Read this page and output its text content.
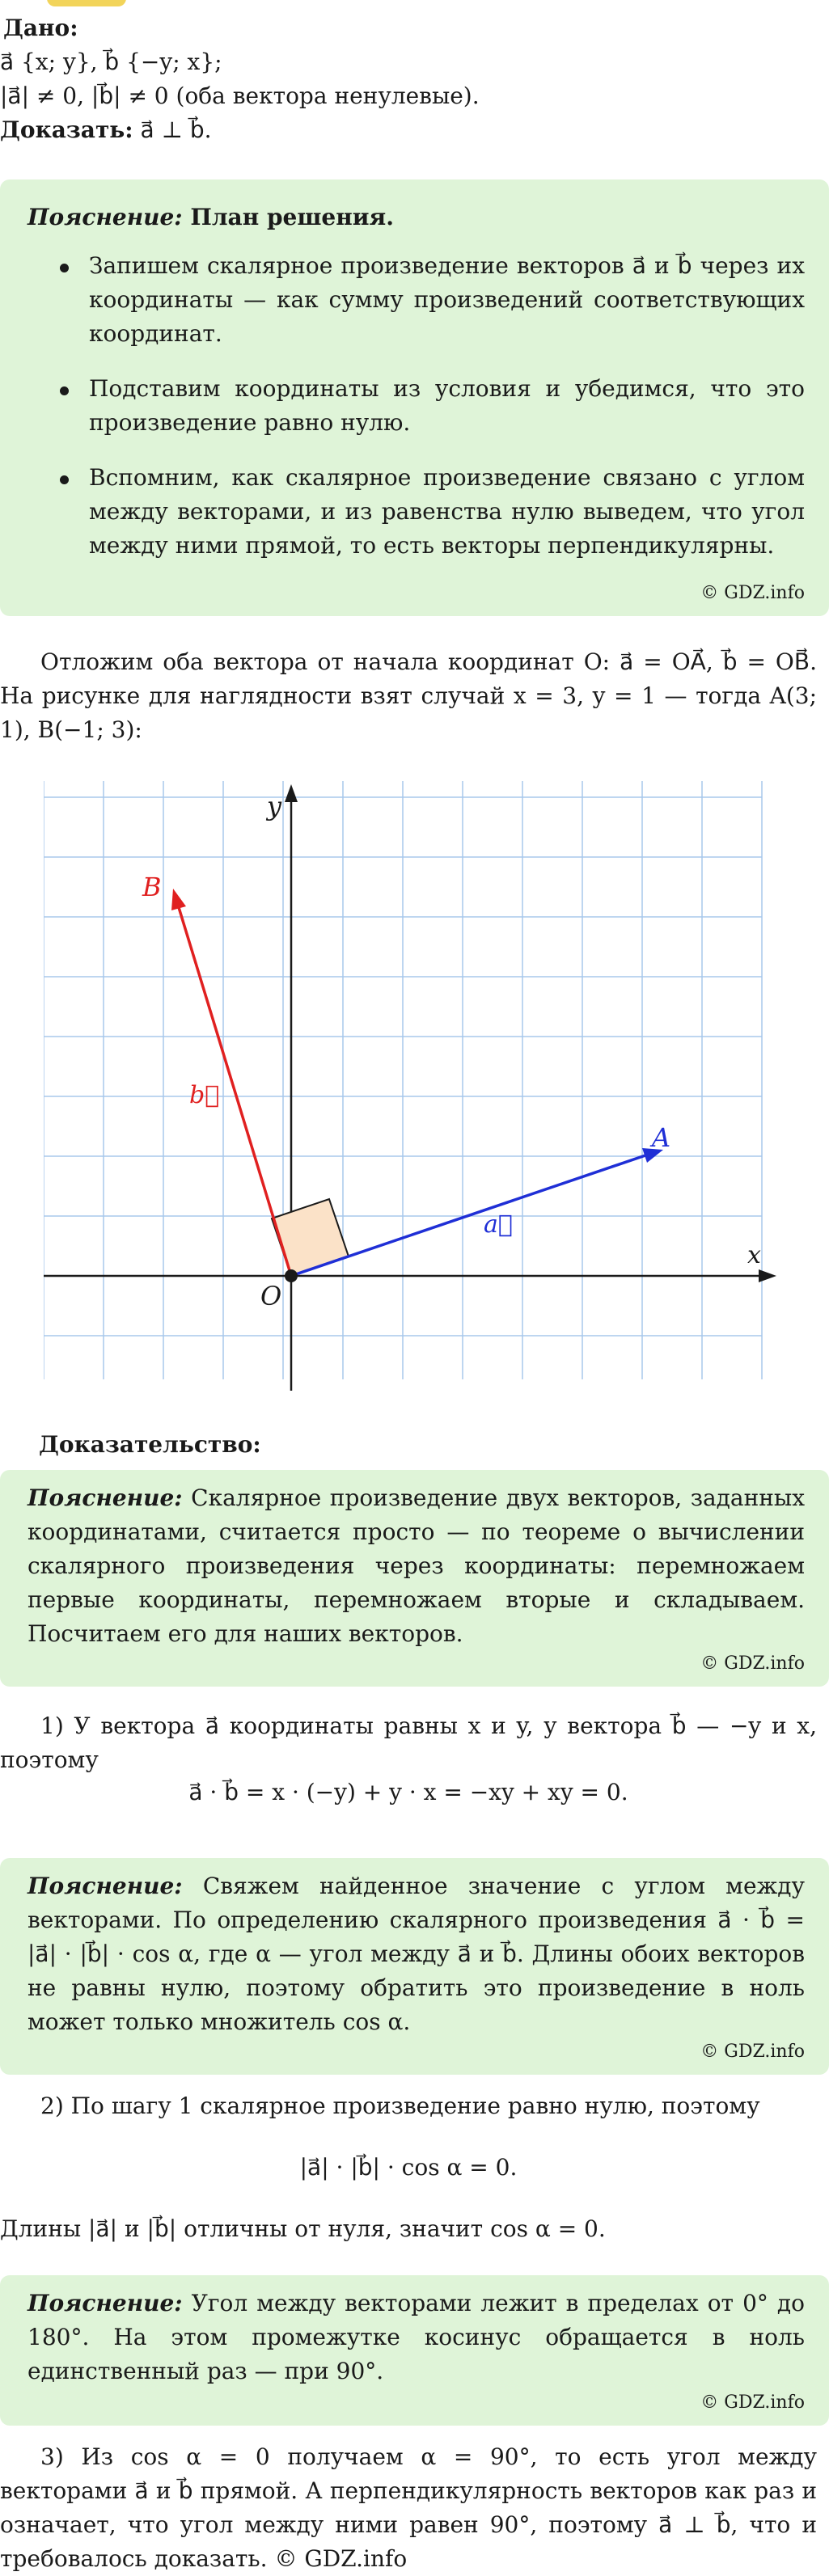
Дано:

a⃗ {x; y}, b⃗ {−y; x};

|a⃗| ≠ 0, |b⃗| ≠ 0 (оба вектора ненулевые).

Доказать: a⃗ ⊥ b⃗.

Пояснение: План решения.
Запишем скалярное произведение векторов a⃗ и b⃗ через их координаты — как сумму произведений соответствующих координат.
Подставим координаты из условия и убедимся, что это произведение равно нулю.
Вспомним, как скалярное произведение связано с углом между векторами, и из равенства нулю выведем, что угол между ними прямой, то есть векторы перпендикулярны.
© GDZ.info
Отложим оба вектора от начала координат O: a⃗ = OA⃗, b⃗ = OB⃗. На рисунке для наглядности взят случай x = 3, y = 1 — тогда A(3; 1), B(−1; 3):
x
y
O
A
B
a⃗
b⃗
Доказательство:
Пояснение: Скалярное произведение двух векторов, заданных координатами, считается просто — по теореме о вычислении скалярного произведения через координаты: перемножаем первые координаты, перемножаем вторые и складываем. Посчитаем его для наших векторов.
© GDZ.info
1) У вектора a⃗ координаты равны x и y, у вектора b⃗ — −y и x, поэтому
a⃗ · b⃗ = x · (−y) + y · x = −xy + xy = 0.
Пояснение: Свяжем найденное значение с углом между векторами. По определению скалярного произведения a⃗ · b⃗ = |a⃗| · |b⃗| · cos α, где α — угол между a⃗ и b⃗. Длины обоих векторов не равны нулю, поэтому обратить это произведение в ноль может только множитель cos α.
© GDZ.info
2) По шагу 1 скалярное произведение равно нулю, поэтому
|a⃗| · |b⃗| · cos α = 0.
Длины |a⃗| и |b⃗| отличны от нуля, значит cos α = 0.
Пояснение: Угол между векторами лежит в пределах от 0° до 180°. На этом промежутке косинус обращается в ноль единственный раз — при 90°.
© GDZ.info
3) Из cos α = 0 получаем α = 90°, то есть угол между векторами a⃗ и b⃗ прямой. А перпендикулярность векторов как раз и означает, что угол между ними равен 90°, поэтому a⃗ ⊥ b⃗, что и требовалось доказать. © GDZ.info
